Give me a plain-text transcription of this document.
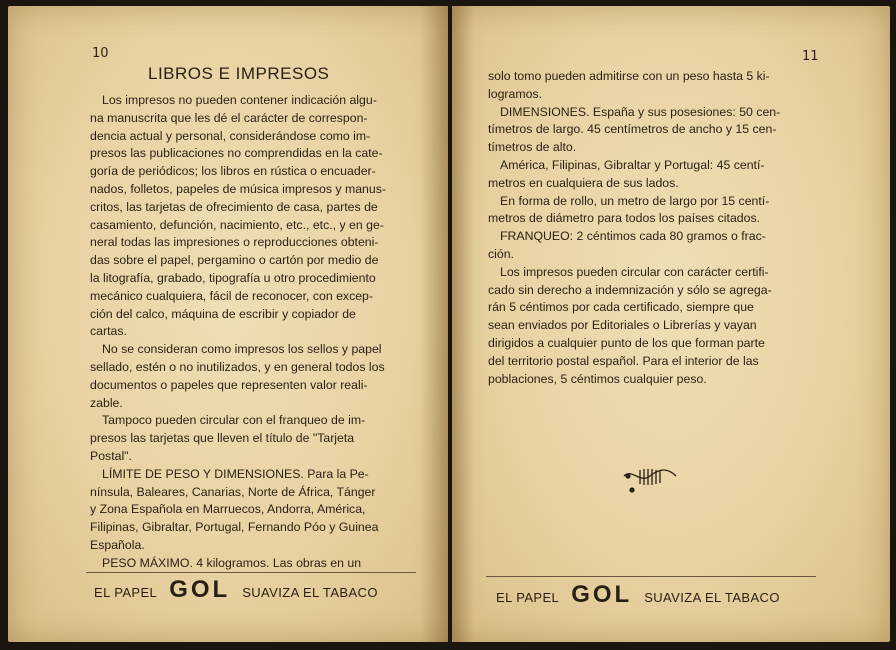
10
LIBROS E IMPRESOS
Los impresos no pueden contener indicación algu-
na manuscrita que les dé el carácter de correspon-
dencia actual y personal, considerándose como im-
presos las publicaciones no comprendidas en la cate-
goría de periódicos; los libros en rústica o encuader-
nados, folletos, papeles de música impresos y manus-
critos, las tarjetas de ofrecimiento de casa, partes de
casamiento, defunción, nacimiento, etc., etc., y en ge-
neral todas las impresiones o reproducciones obteni-
das sobre el papel, pergamino o cartón por medio de
la litografía, grabado, tipografía u otro procedimiento
mecánico cualquiera, fácil de reconocer, con excep-
ción del calco, máquina de escribir y copiador de
cartas.
No se consideran como impresos los sellos y papel
sellado, estén o no inutilizados, y en general todos los
documentos o papeles que representen valor reali-
zable.
Tampoco pueden circular con el franqueo de im-
presos las tarjetas que lleven el título de "Tarjeta
Postal".
LÍMITE DE PESO Y DIMENSIONES. Para la Pe-
nínsula, Baleares, Canarias, Norte de África, Tánger
y Zona Española en Marruecos, Andorra, América,
Filipinas, Gibraltar, Portugal, Fernando Póo y Guinea
Española.
PESO MÁXIMO. 4 kilogramos. Las obras en un
EL PAPEL GOL SUAVIZA EL TABACO
11
solo tomo pueden admitirse con un peso hasta 5 ki-
logramos.
DIMENSIONES. España y sus posesiones: 50 cen-
tímetros de largo. 45 centímetros de ancho y 15 cen-
tímetros de alto.
América, Filipinas, Gibraltar y Portugal: 45 centí-
metros en cualquiera de sus lados.
En forma de rollo, un metro de largo por 15 centí-
metros de diámetro para todos los países citados.
FRANQUEO: 2 céntimos cada 80 gramos o frac-
ción.
Los impresos pueden circular con carácter certifi-
cado sin derecho a indemnización y sólo se agrega-
rán 5 céntimos por cada certificado, siempre que
sean enviados por Editoriales o Librerías y vayan
dirigidos a cualquier punto de los que forman parte
del territorio postal español. Para el interior de las
poblaciones, 5 céntimos cualquier peso.
EL PAPEL GOL SUAVIZA EL TABACO
